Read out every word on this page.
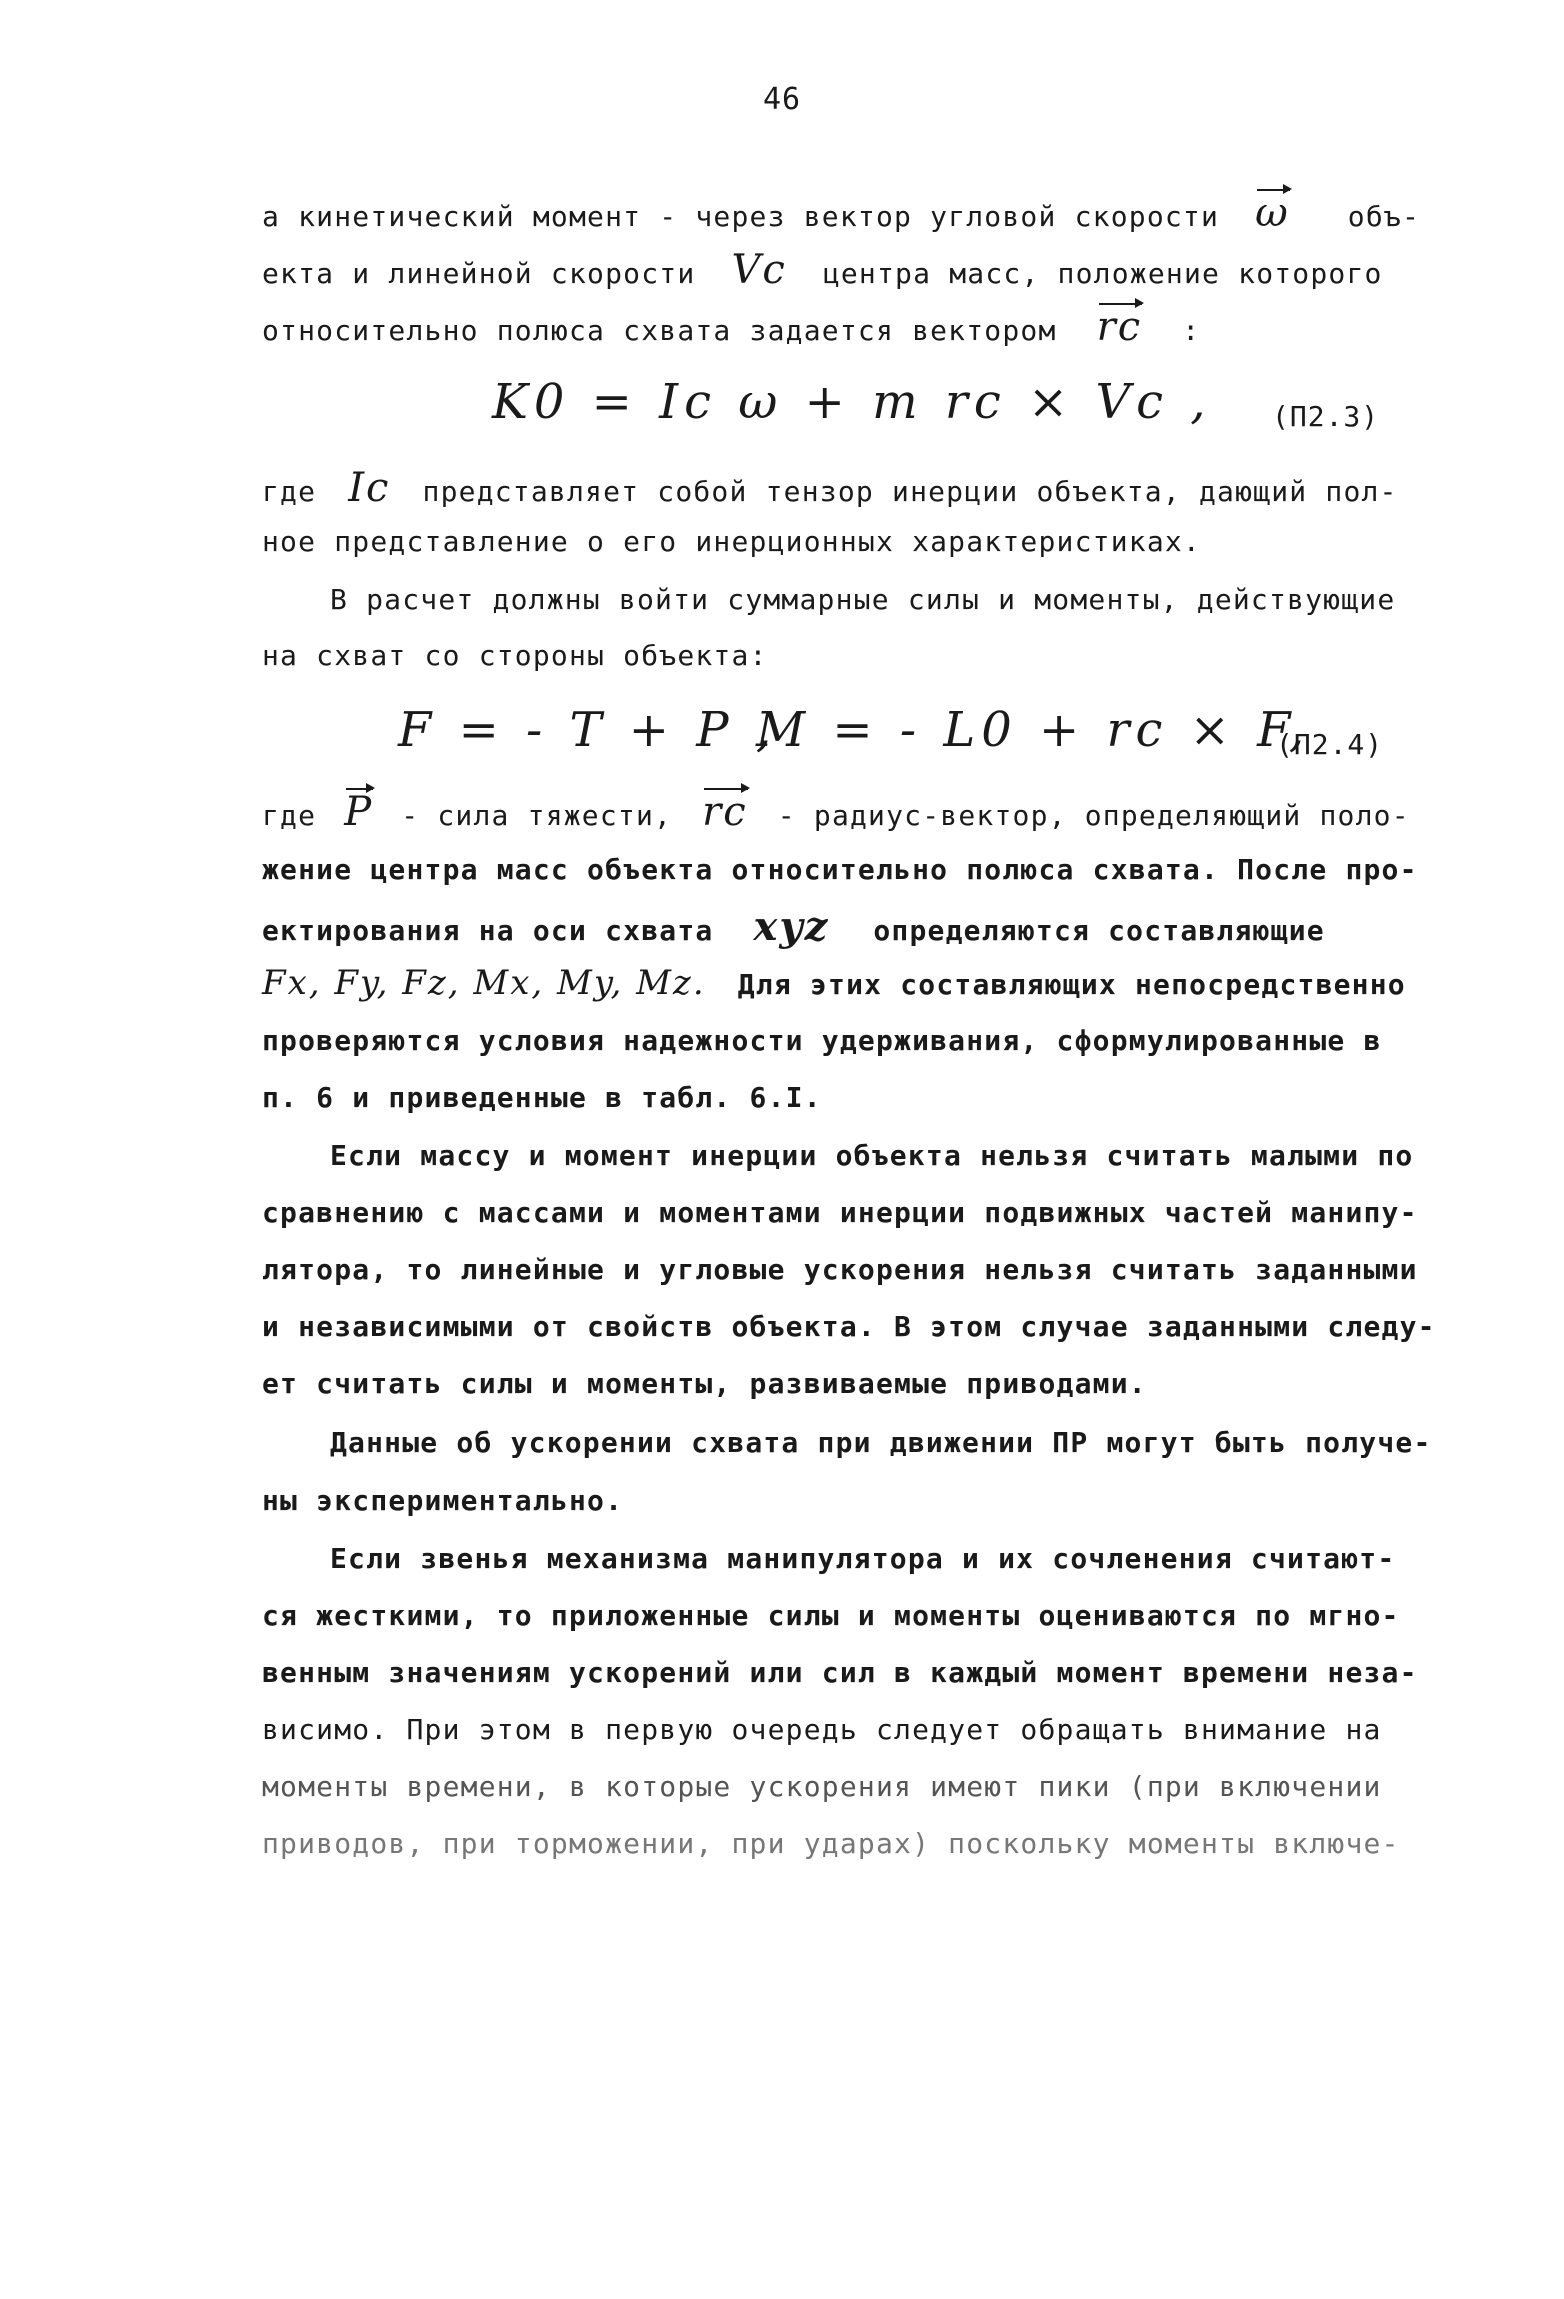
46
а кинетический момент - через вектор угловой скорости ω объ-
екта и линейной скорости Vc центра масс, положение которого
относительно полюса схвата задается вектором rc :
K0 = Ic ω + m rc × Vc , (П2.3)
где Ic представляет собой тензор инерции объекта, дающий пол-
ное представление о его инерционных характеристиках.
В расчет должны войти суммарные силы и моменты, действующие
на схват со стороны объекта:
F = - T + P ,
M = - L0 + rc × F,
(П2.4)
где P - сила тяжести, rc - радиус-вектор, определяющий поло-
жение центра масс объекта относительно полюса схвата. После про-
ектирования на оси схвата xyz определяются составляющие
Fx, Fy, Fz, Mx, My, Mz. Для этих составляющих непосредственно
проверяются условия надежности удерживания, сформулированные в
п. 6 и приведенные в табл. 6.I.
Если массу и момент инерции объекта нельзя считать малыми по
сравнению с массами и моментами инерции подвижных частей манипу-
лятора, то линейные и угловые ускорения нельзя считать заданными
и независимыми от свойств объекта. В этом случае заданными следу-
ет считать силы и моменты, развиваемые приводами.
Данные об ускорении схвата при движении ПР могут быть получе-
ны экспериментально.
Если звенья механизма манипулятора и их сочленения считают-
ся жесткими, то приложенные силы и моменты оцениваются по мгно-
венным значениям ускорений или сил в каждый момент времени неза-
висимо. При этом в первую очередь следует обращать внимание на
моменты времени, в которые ускорения имеют пики (при включении
приводов, при торможении, при ударах) поскольку моменты включе-
